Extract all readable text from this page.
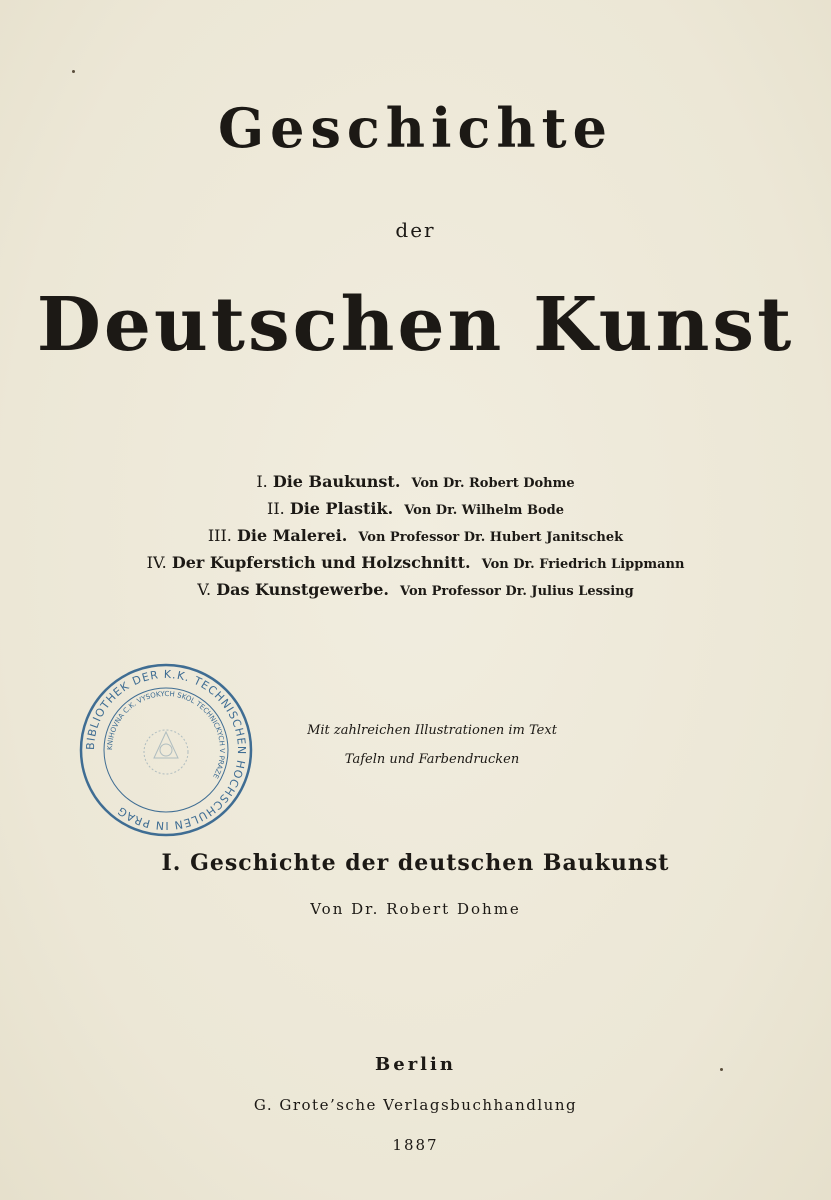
Geschichte
der
Deutschen Kunst
I. Die Baukunst. Von Dr. Robert Dohme
II. Die Plastik. Von Dr. Wilhelm Bode
III. Die Malerei. Von Professor Dr. Hubert Janitschek
IV. Der Kupferstich und Holzschnitt. Von Dr. Friedrich Lippmann
V. Das Kunstgewerbe. Von Professor Dr. Julius Lessing
BIBLIOTHEK DER K.K. TECHNISCHEN HOCHSCHULEN IN PRAG
KNIHOVNA C.K. VYSOKYCH SKOL TECHNICKYCH V PRAZE
Mit zahlreichen Illustrationen im Text
Tafeln und Farbendrucken
I. Geschichte der deutschen Baukunst
Von Dr. Robert Dohme
Berlin
G. Grote’sche Verlagsbuchhandlung
1887
